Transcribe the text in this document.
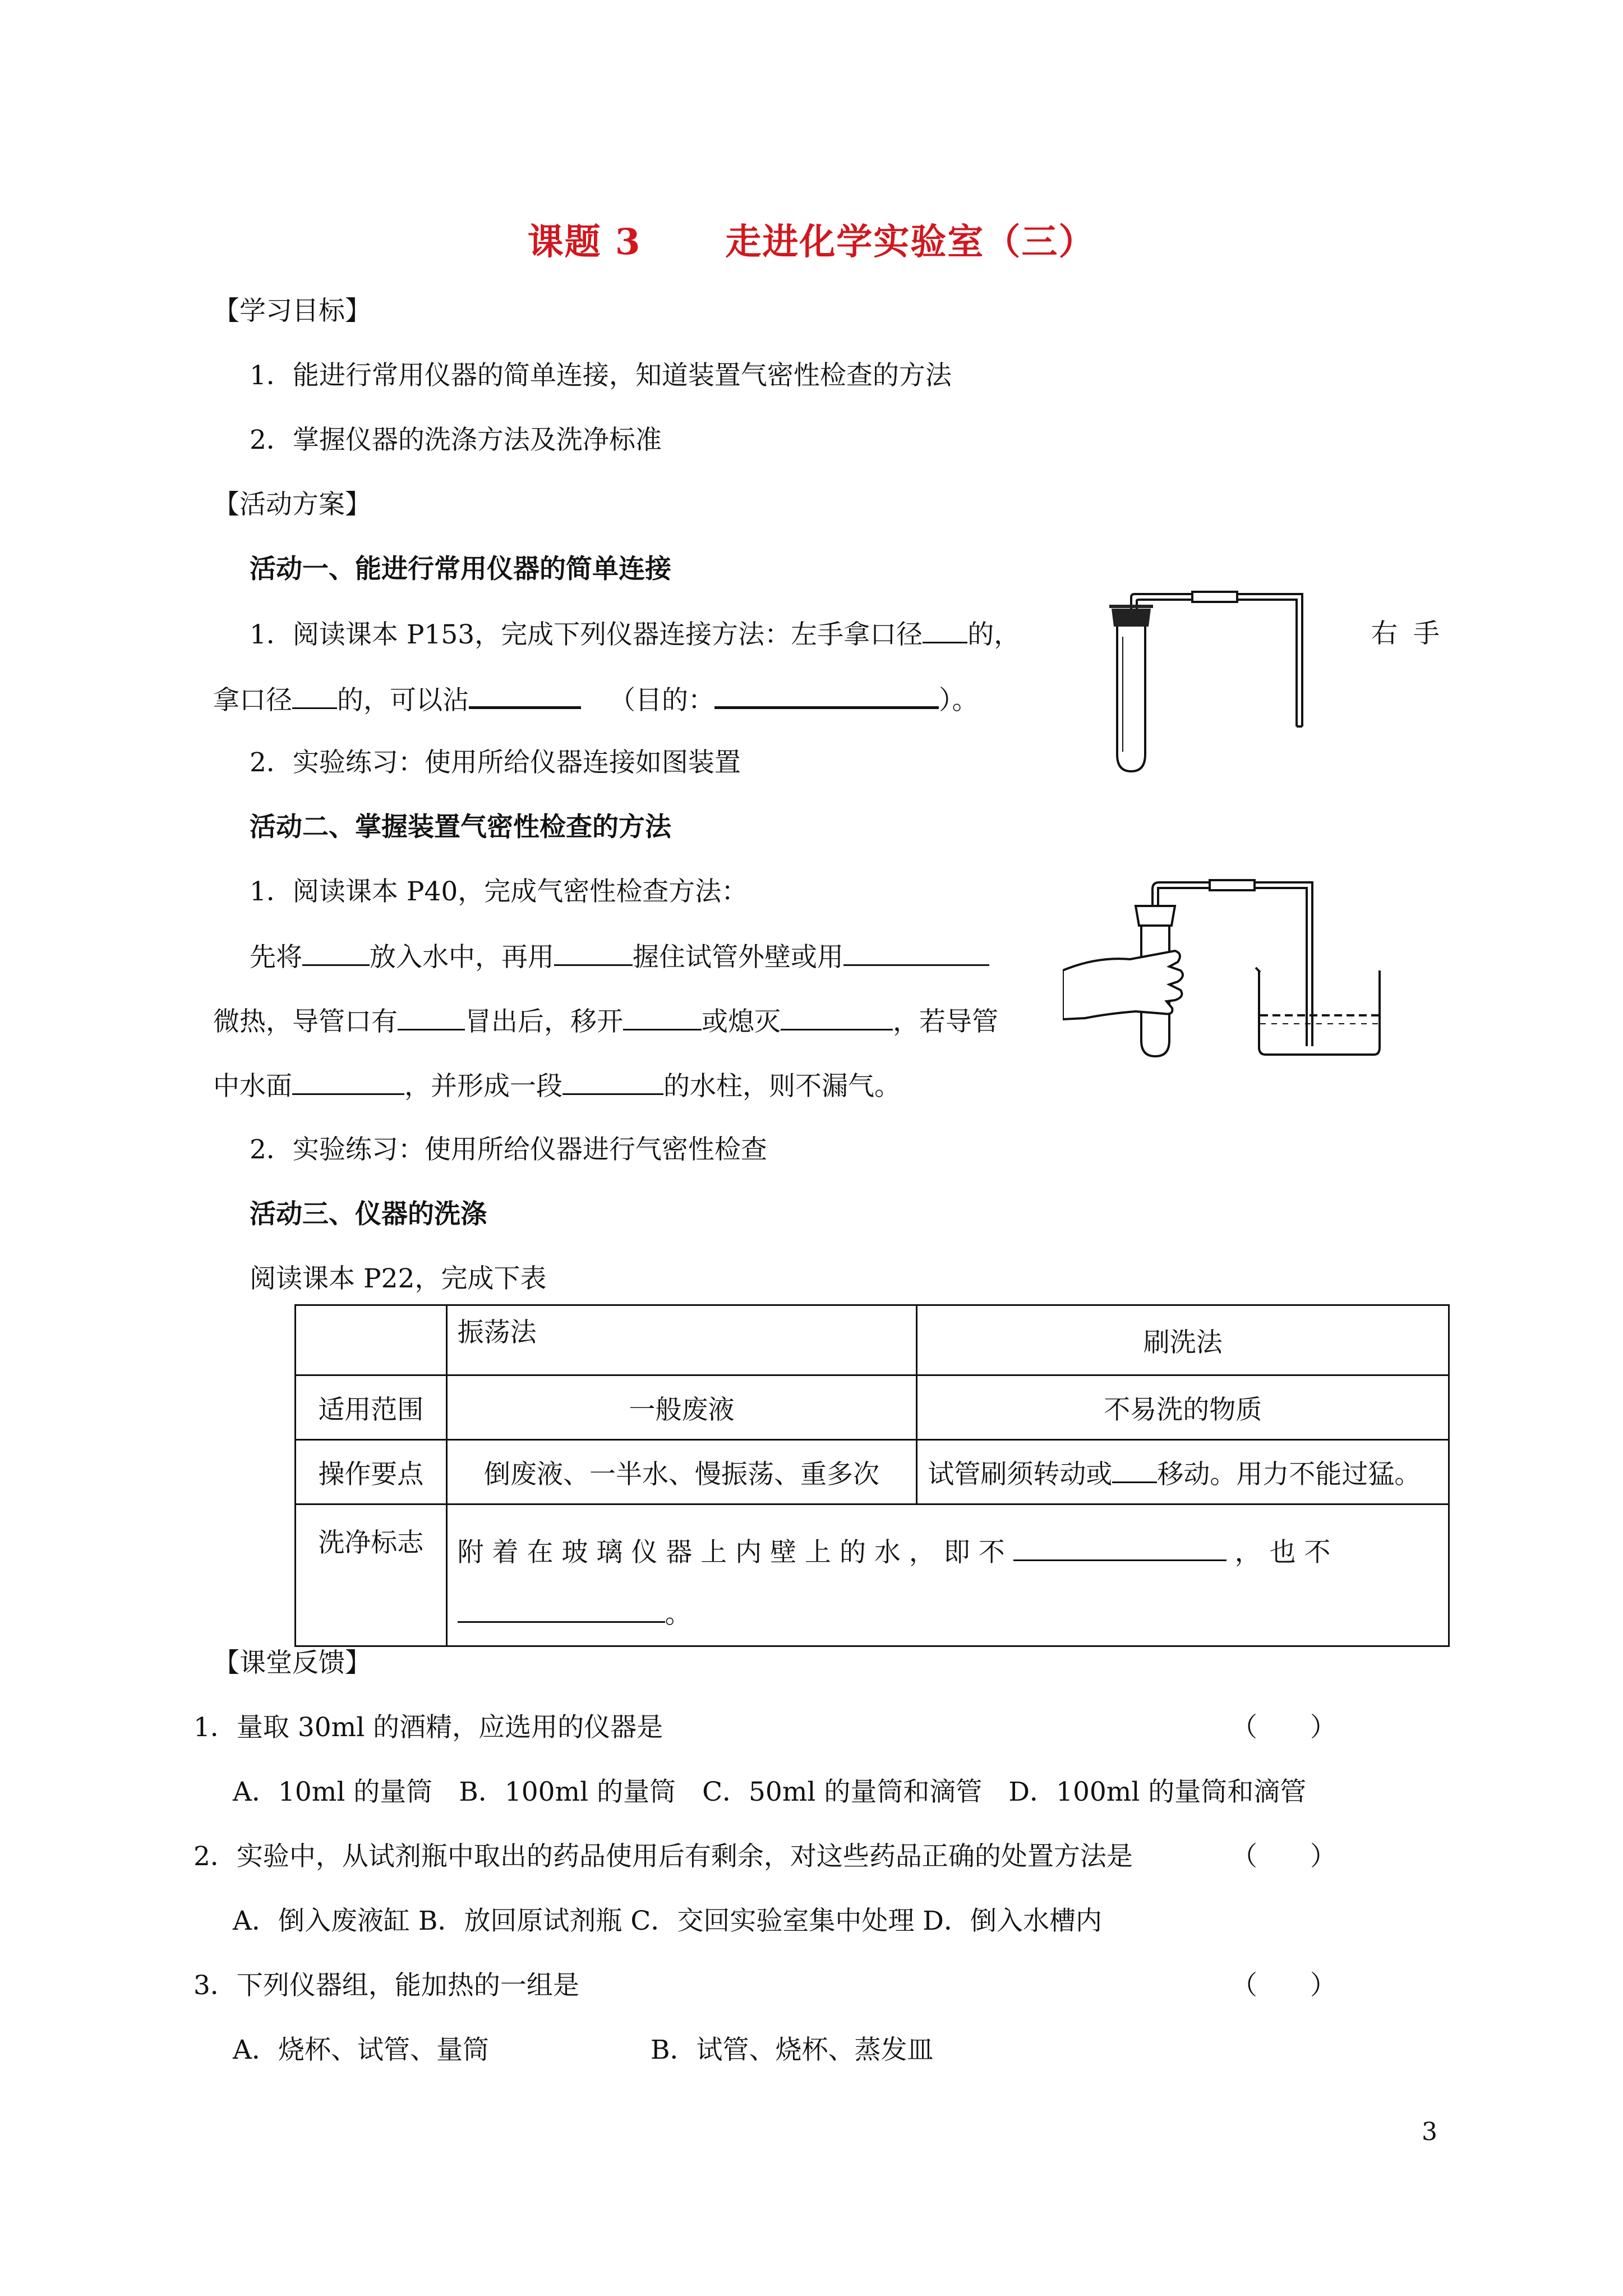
课题 3 走进化学实验室（三）
【学习目标】
1．能进行常用仪器的简单连接，知道装置气密性检查的方法
2．掌握仪器的洗涤方法及洗净标准
【活动方案】
活动一、能进行常用仪器的简单连接
1．阅读课本 P153，完成下列仪器连接方法：左手拿口径 的，	右 手
拿口径 的，可以沾	（目的：	）。
2．实验练习：使用所给仪器连接如图装置
活动二、掌握装置气密性检查的方法
1．阅读课本 P40，完成气密性检查方法：
先将	放入水中，再用	握住试管外壁或用
微热，导管口有	冒出后，移开	或熄灭	，若导管
中水面	，并形成一段	的水柱，则不漏气。
2．实验练习：使用所给仪器进行气密性检查
活动三、仪器的洗涤
阅读课本 P22，完成下表
	振荡法	刷洗法
适用范围	一般废液	不易洗的物质
操作要点	倒废液、一半水、慢振荡、重多次	试管刷须转动或 移动。用力不能过猛。
洗净标志	附 着 在 玻 璃 仪 器 上 内 壁 上 的 水 ， 即 不 ， 也 不
。	
【课堂反馈】
1．量取 30ml 的酒精，应选用的仪器是	（　　）
A．10ml 的量筒　B．100ml 的量筒　C．50ml 的量筒和滴管　D．100ml 的量筒和滴管
2．实验中，从试剂瓶中取出的药品使用后有剩余，对这些药品正确的处置方法是	（　　）
A．倒入废液缸 B．放回原试剂瓶 C．交回实验室集中处理 D．倒入水槽内
3．下列仪器组，能加热的一组是	（　　）
A．烧杯、试管、量筒	B．试管、烧杯、蒸发皿
3
